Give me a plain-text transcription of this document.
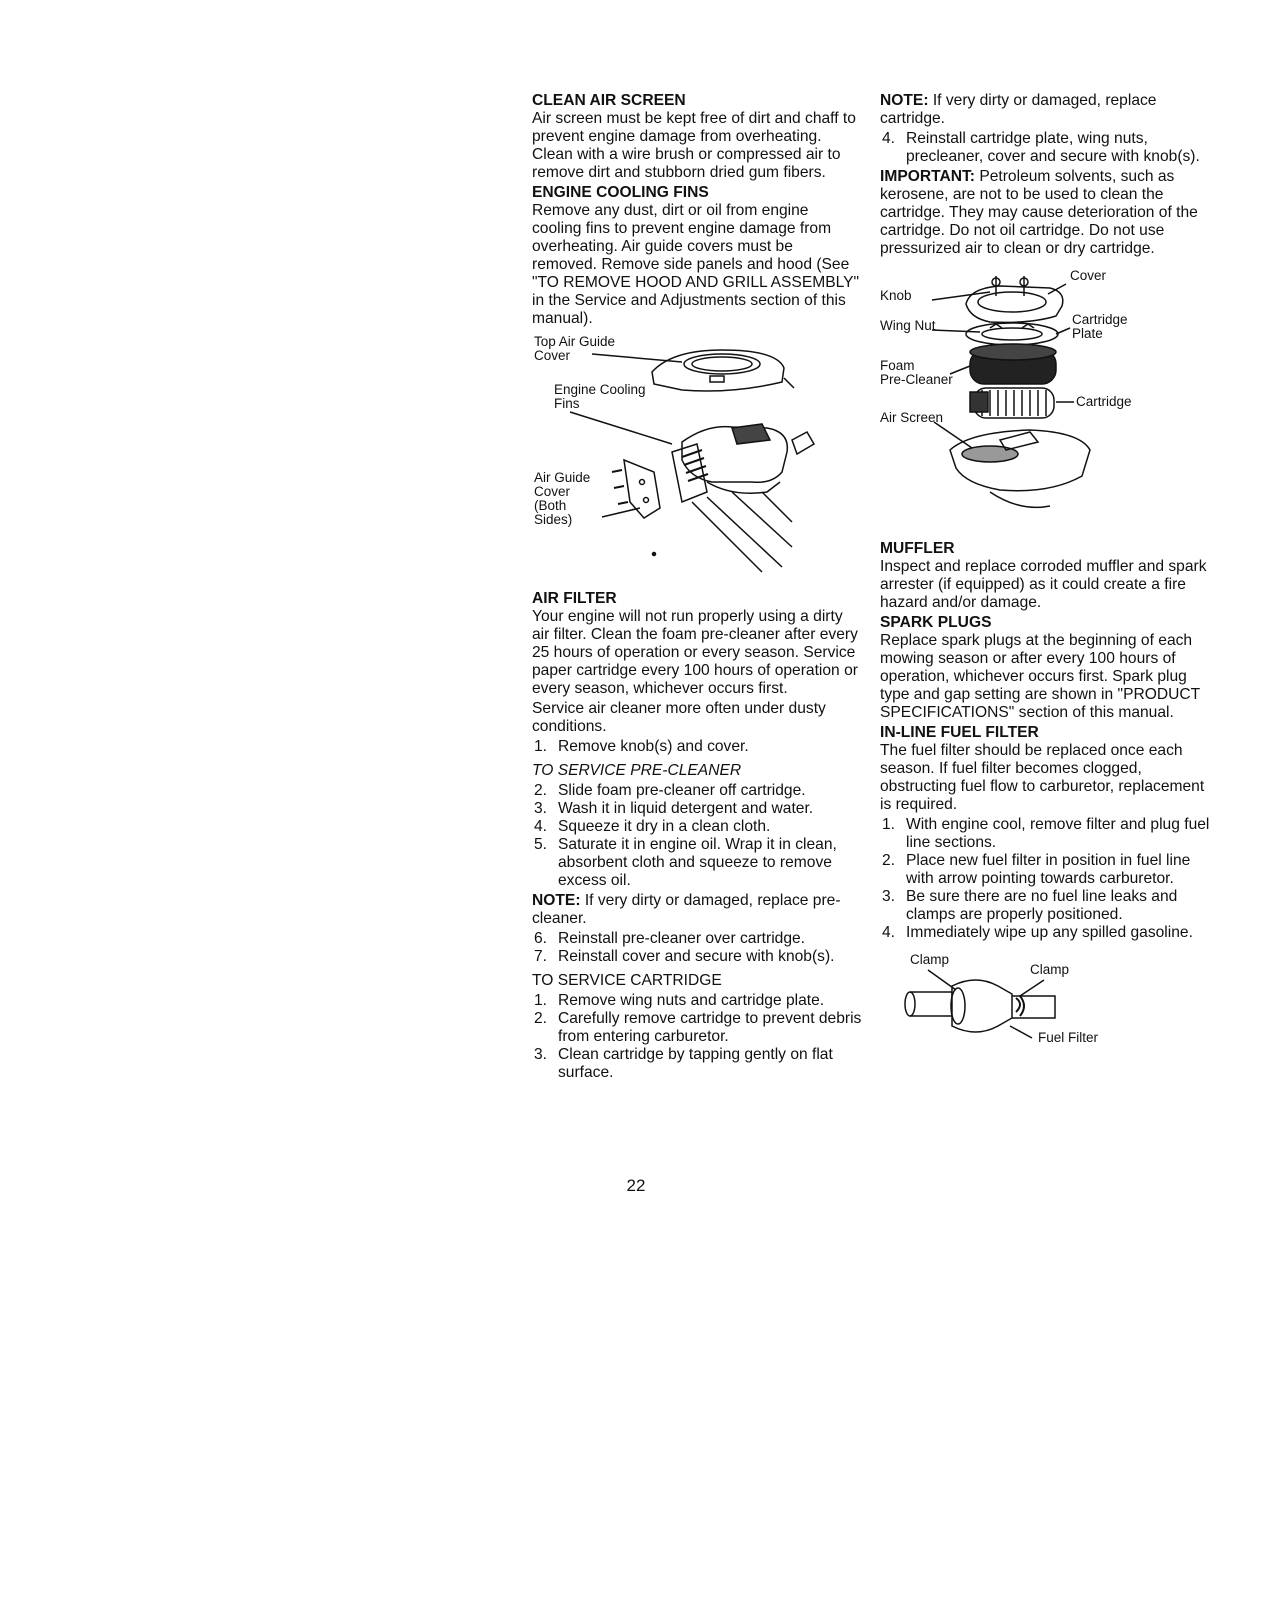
CLEAN AIR SCREEN

Air screen must be kept free of dirt and chaff to prevent engine damage from overheating. Clean with a wire brush or compressed air to remove dirt and stubborn dried gum fibers.

ENGINE COOLING FINS

Remove any dust, dirt or oil from engine cooling fins to prevent engine damage from overheating. Air guide covers must be removed. Remove side panels and hood (See "TO REMOVE HOOD AND GRILL ASSEMBLY" in the Service and Adjustments section of this manual).

Top Air Guide
Cover
Engine Cooling
Fins
Air Guide
Cover
(Both
Sides)

AIR FILTER

Your engine will not run properly using a dirty air filter. Clean the foam pre-cleaner after every 25 hours of operation or every season. Service paper cartridge every 100 hours of operation or every season, whichever occurs first.

Service air cleaner more often under dusty conditions.

1. Remove knob(s) and cover.

TO SERVICE PRE-CLEANER

2. Slide foam pre-cleaner off cartridge.
3. Wash it in liquid detergent and water.
4. Squeeze it dry in a clean cloth.
5. Saturate it in engine oil. Wrap it in clean, absorbent cloth and squeeze to remove excess oil.

NOTE: If very dirty or damaged, replace pre-cleaner.

6. Reinstall pre-cleaner over cartridge.
7. Reinstall cover and secure with knob(s).

TO SERVICE CARTRIDGE

1. Remove wing nuts and cartridge plate.
2. Carefully remove cartridge to prevent debris from entering carburetor.
3. Clean cartridge by tapping gently on flat surface.

NOTE: If very dirty or damaged, replace cartridge.

4. Reinstall cartridge plate, wing nuts, precleaner, cover and secure with knob(s).

IMPORTANT: Petroleum solvents, such as kerosene, are not to be used to clean the cartridge. They may cause deterioration of the cartridge. Do not oil cartridge. Do not use pressurized air to clean or dry cartridge.

Cover
Knob
Wing Nut	Cartridge
Plate
Foam
Pre-Cleaner
Cartridge
Air Screen

MUFFLER

Inspect and replace corroded muffler and spark arrester (if equipped) as it could create a fire hazard and/or damage.

SPARK PLUGS

Replace spark plugs at the beginning of each mowing season or after every 100 hours of operation, whichever occurs first. Spark plug type and gap setting are shown in "PRODUCT SPECIFICATIONS" section of this manual.

IN-LINE FUEL FILTER

The fuel filter should be replaced once each season. If fuel filter becomes clogged, obstructing fuel flow to carburetor, replacement is required.

1. With engine cool, remove filter and plug fuel line sections.
2. Place new fuel filter in position in fuel line with arrow pointing towards carburetor.
3. Be sure there are no fuel line leaks and clamps are properly positioned.
4. Immediately wipe up any spilled gasoline.
Clamp
Clamp
Fuel Filter
22
